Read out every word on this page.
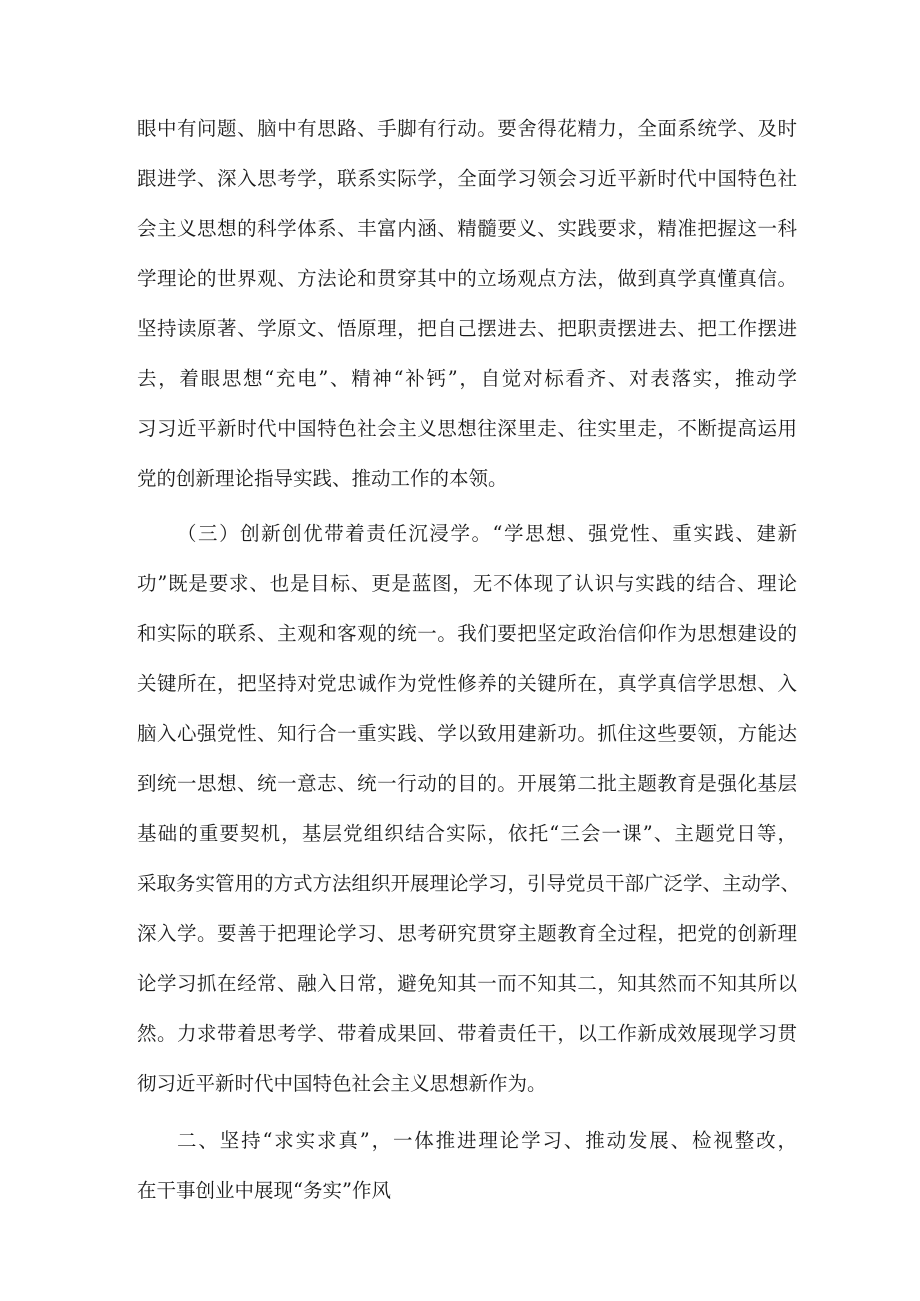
眼中有问题、脑中有思路、手脚有行动。要舍得花精力，全面系统学、及时
跟进学、深入思考学，联系实际学，全面学习领会习近平新时代中国特色社
会主义思想的科学体系、丰富内涵、精髓要义、实践要求，精准把握这一科
学理论的世界观、方法论和贯穿其中的立场观点方法，做到真学真懂真信。
坚持读原著、学原文、悟原理，把自己摆进去、把职责摆进去、把工作摆进
去，着眼思想“充电”、精神“补钙”，自觉对标看齐、对表落实，推动学
习习近平新时代中国特色社会主义思想往深里走、往实里走，不断提高运用
党的创新理论指导实践、推动工作的本领。
（三）创新创优带着责任沉浸学。“学思想、强党性、重实践、建新
功”既是要求、也是目标、更是蓝图，无不体现了认识与实践的结合、理论
和实际的联系、主观和客观的统一。我们要把坚定政治信仰作为思想建设的
关键所在，把坚持对党忠诚作为党性修养的关键所在，真学真信学思想、入
脑入心强党性、知行合一重实践、学以致用建新功。抓住这些要领，方能达
到统一思想、统一意志、统一行动的目的。开展第二批主题教育是强化基层
基础的重要契机，基层党组织结合实际，依托“三会一课”、主题党日等，
采取务实管用的方式方法组织开展理论学习，引导党员干部广泛学、主动学、
深入学。要善于把理论学习、思考研究贯穿主题教育全过程，把党的创新理
论学习抓在经常、融入日常，避免知其一而不知其二，知其然而不知其所以
然。力求带着思考学、带着成果回、带着责任干，以工作新成效展现学习贯
彻习近平新时代中国特色社会主义思想新作为。
二、坚持“求实求真”，一体推进理论学习、推动发展、检视整改，
在干事创业中展现“务实”作风
